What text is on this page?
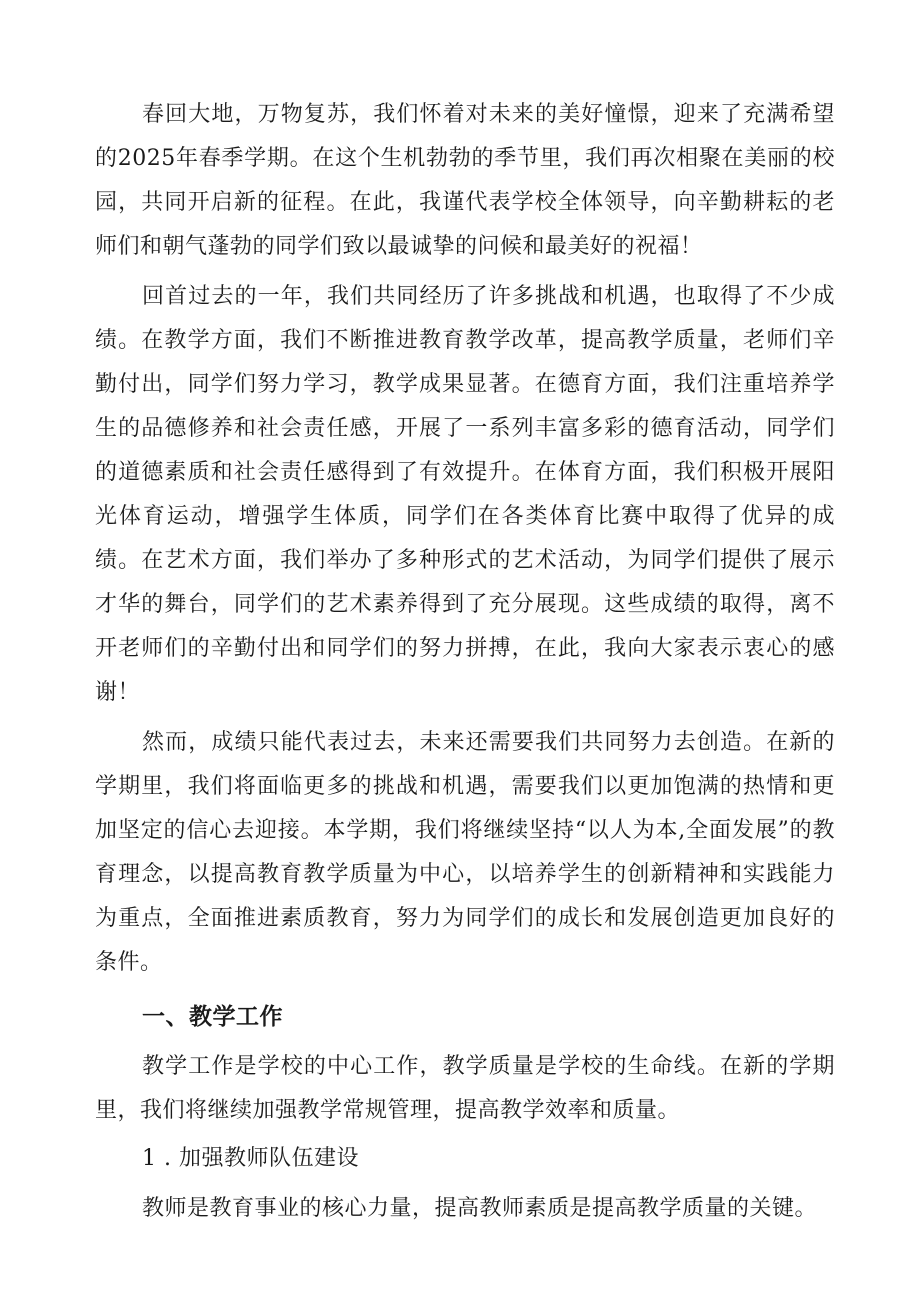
春回大地，万物复苏，我们怀着对未来的美好憧憬，迎来了充满希望的2025年春季学期。在这个生机勃勃的季节里，我们再次相聚在美丽的校园，共同开启新的征程。在此，我谨代表学校全体领导，向辛勤耕耘的老师们和朝气蓬勃的同学们致以最诚挚的问候和最美好的祝福！

回首过去的一年，我们共同经历了许多挑战和机遇，也取得了不少成绩。在教学方面，我们不断推进教育教学改革，提高教学质量，老师们辛勤付出，同学们努力学习，教学成果显著。在德育方面，我们注重培养学生的品德修养和社会责任感，开展了一系列丰富多彩的德育活动，同学们的道德素质和社会责任感得到了有效提升。在体育方面，我们积极开展阳光体育运动，增强学生体质，同学们在各类体育比赛中取得了优异的成绩。在艺术方面，我们举办了多种形式的艺术活动，为同学们提供了展示才华的舞台，同学们的艺术素养得到了充分展现。这些成绩的取得，离不开老师们的辛勤付出和同学们的努力拼搏，在此，我向大家表示衷心的感谢！

然而，成绩只能代表过去，未来还需要我们共同努力去创造。在新的学期里，我们将面临更多的挑战和机遇，需要我们以更加饱满的热情和更加坚定的信心去迎接。本学期，我们将继续坚持“以人为本,全面发展”的教育理念，以提高教育教学质量为中心，以培养学生的创新精神和实践能力为重点，全面推进素质教育，努力为同学们的成长和发展创造更加良好的条件。

一、教学工作

教学工作是学校的中心工作，教学质量是学校的生命线。在新的学期里，我们将继续加强教学常规管理，提高教学效率和质量。

1 . 加强教师队伍建设

教师是教育事业的核心力量，提高教师素质是提高教学质量的关键。
